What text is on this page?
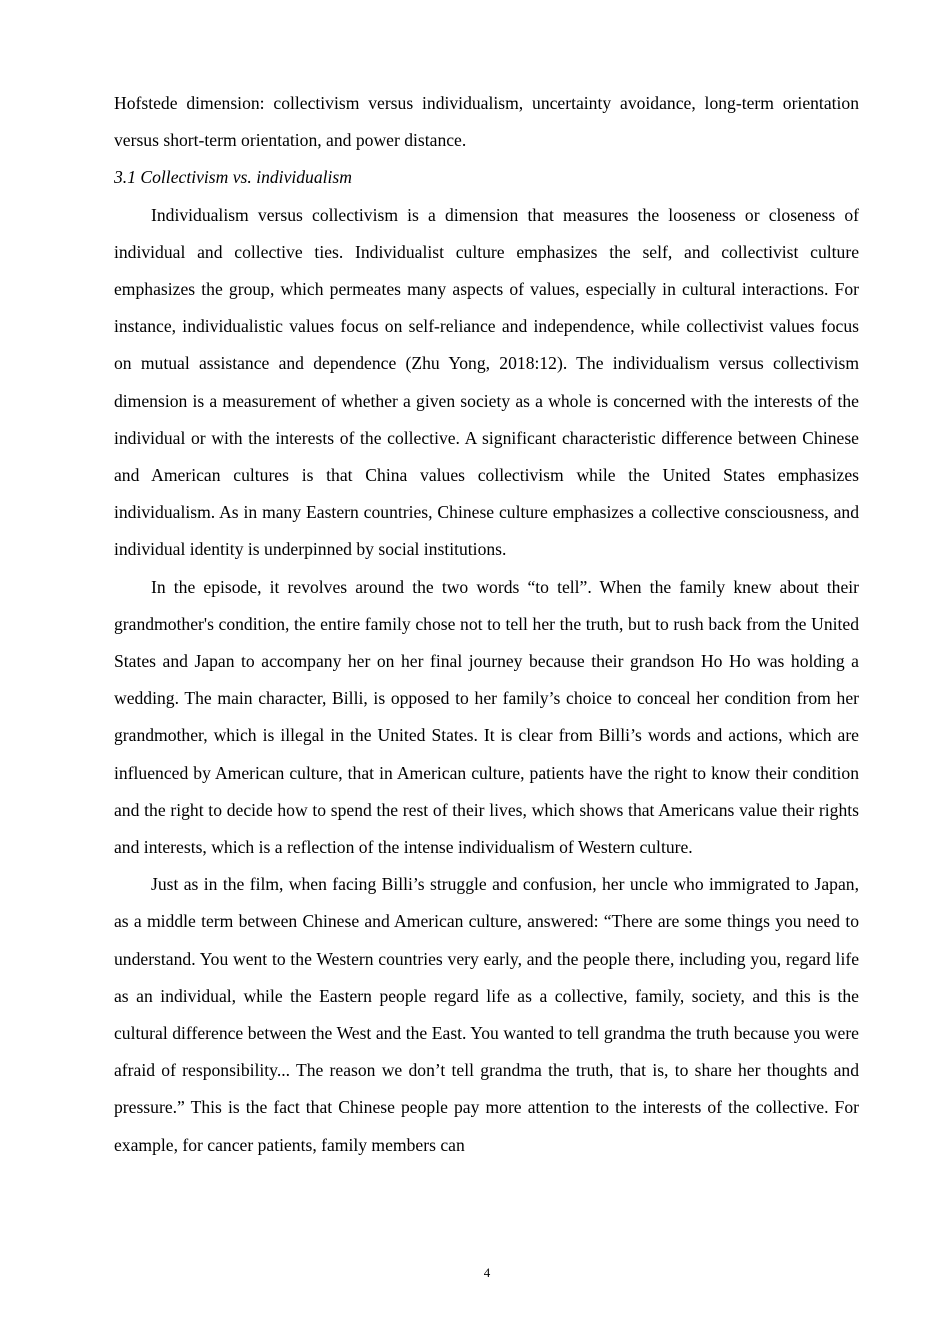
Hofstede dimension: collectivism versus individualism, uncertainty avoidance, long-term orientation versus short-term orientation, and power distance.

3.1 Collectivism vs. individualism

Individualism versus collectivism is a dimension that measures the looseness or closeness of individual and collective ties. Individualist culture emphasizes the self, and collectivist culture emphasizes the group, which permeates many aspects of values, especially in cultural interactions. For instance, individualistic values focus on self-reliance and independence, while collectivist values focus on mutual assistance and dependence (Zhu Yong, 2018:12). The individualism versus collectivism dimension is a measurement of whether a given society as a whole is concerned with the interests of the individual or with the interests of the collective. A significant characteristic difference between Chinese and American cultures is that China values collectivism while the United States emphasizes individualism. As in many Eastern countries, Chinese culture emphasizes a collective consciousness, and individual identity is underpinned by social institutions.

In the episode, it revolves around the two words “to tell”. When the family knew about their grandmother's condition, the entire family chose not to tell her the truth, but to rush back from the United States and Japan to accompany her on her final journey because their grandson Ho Ho was holding a wedding. The main character, Billi, is opposed to her family’s choice to conceal her condition from her grandmother, which is illegal in the United States. It is clear from Billi’s words and actions, which are influenced by American culture, that in American culture, patients have the right to know their condition and the right to decide how to spend the rest of their lives, which shows that Americans value their rights and interests, which is a reflection of the intense individualism of Western culture.

Just as in the film, when facing Billi’s struggle and confusion, her uncle who immigrated to Japan, as a middle term between Chinese and American culture, answered: “There are some things you need to understand. You went to the Western countries very early, and the people there, including you, regard life as an individual, while the Eastern people regard life as a collective, family, society, and this is the cultural difference between the West and the East. You wanted to tell grandma the truth because you were afraid of responsibility... The reason we don’t tell grandma the truth, that is, to share her thoughts and pressure.” This is the fact that Chinese people pay more attention to the interests of the collective. For example, for cancer patients, family members can

4
